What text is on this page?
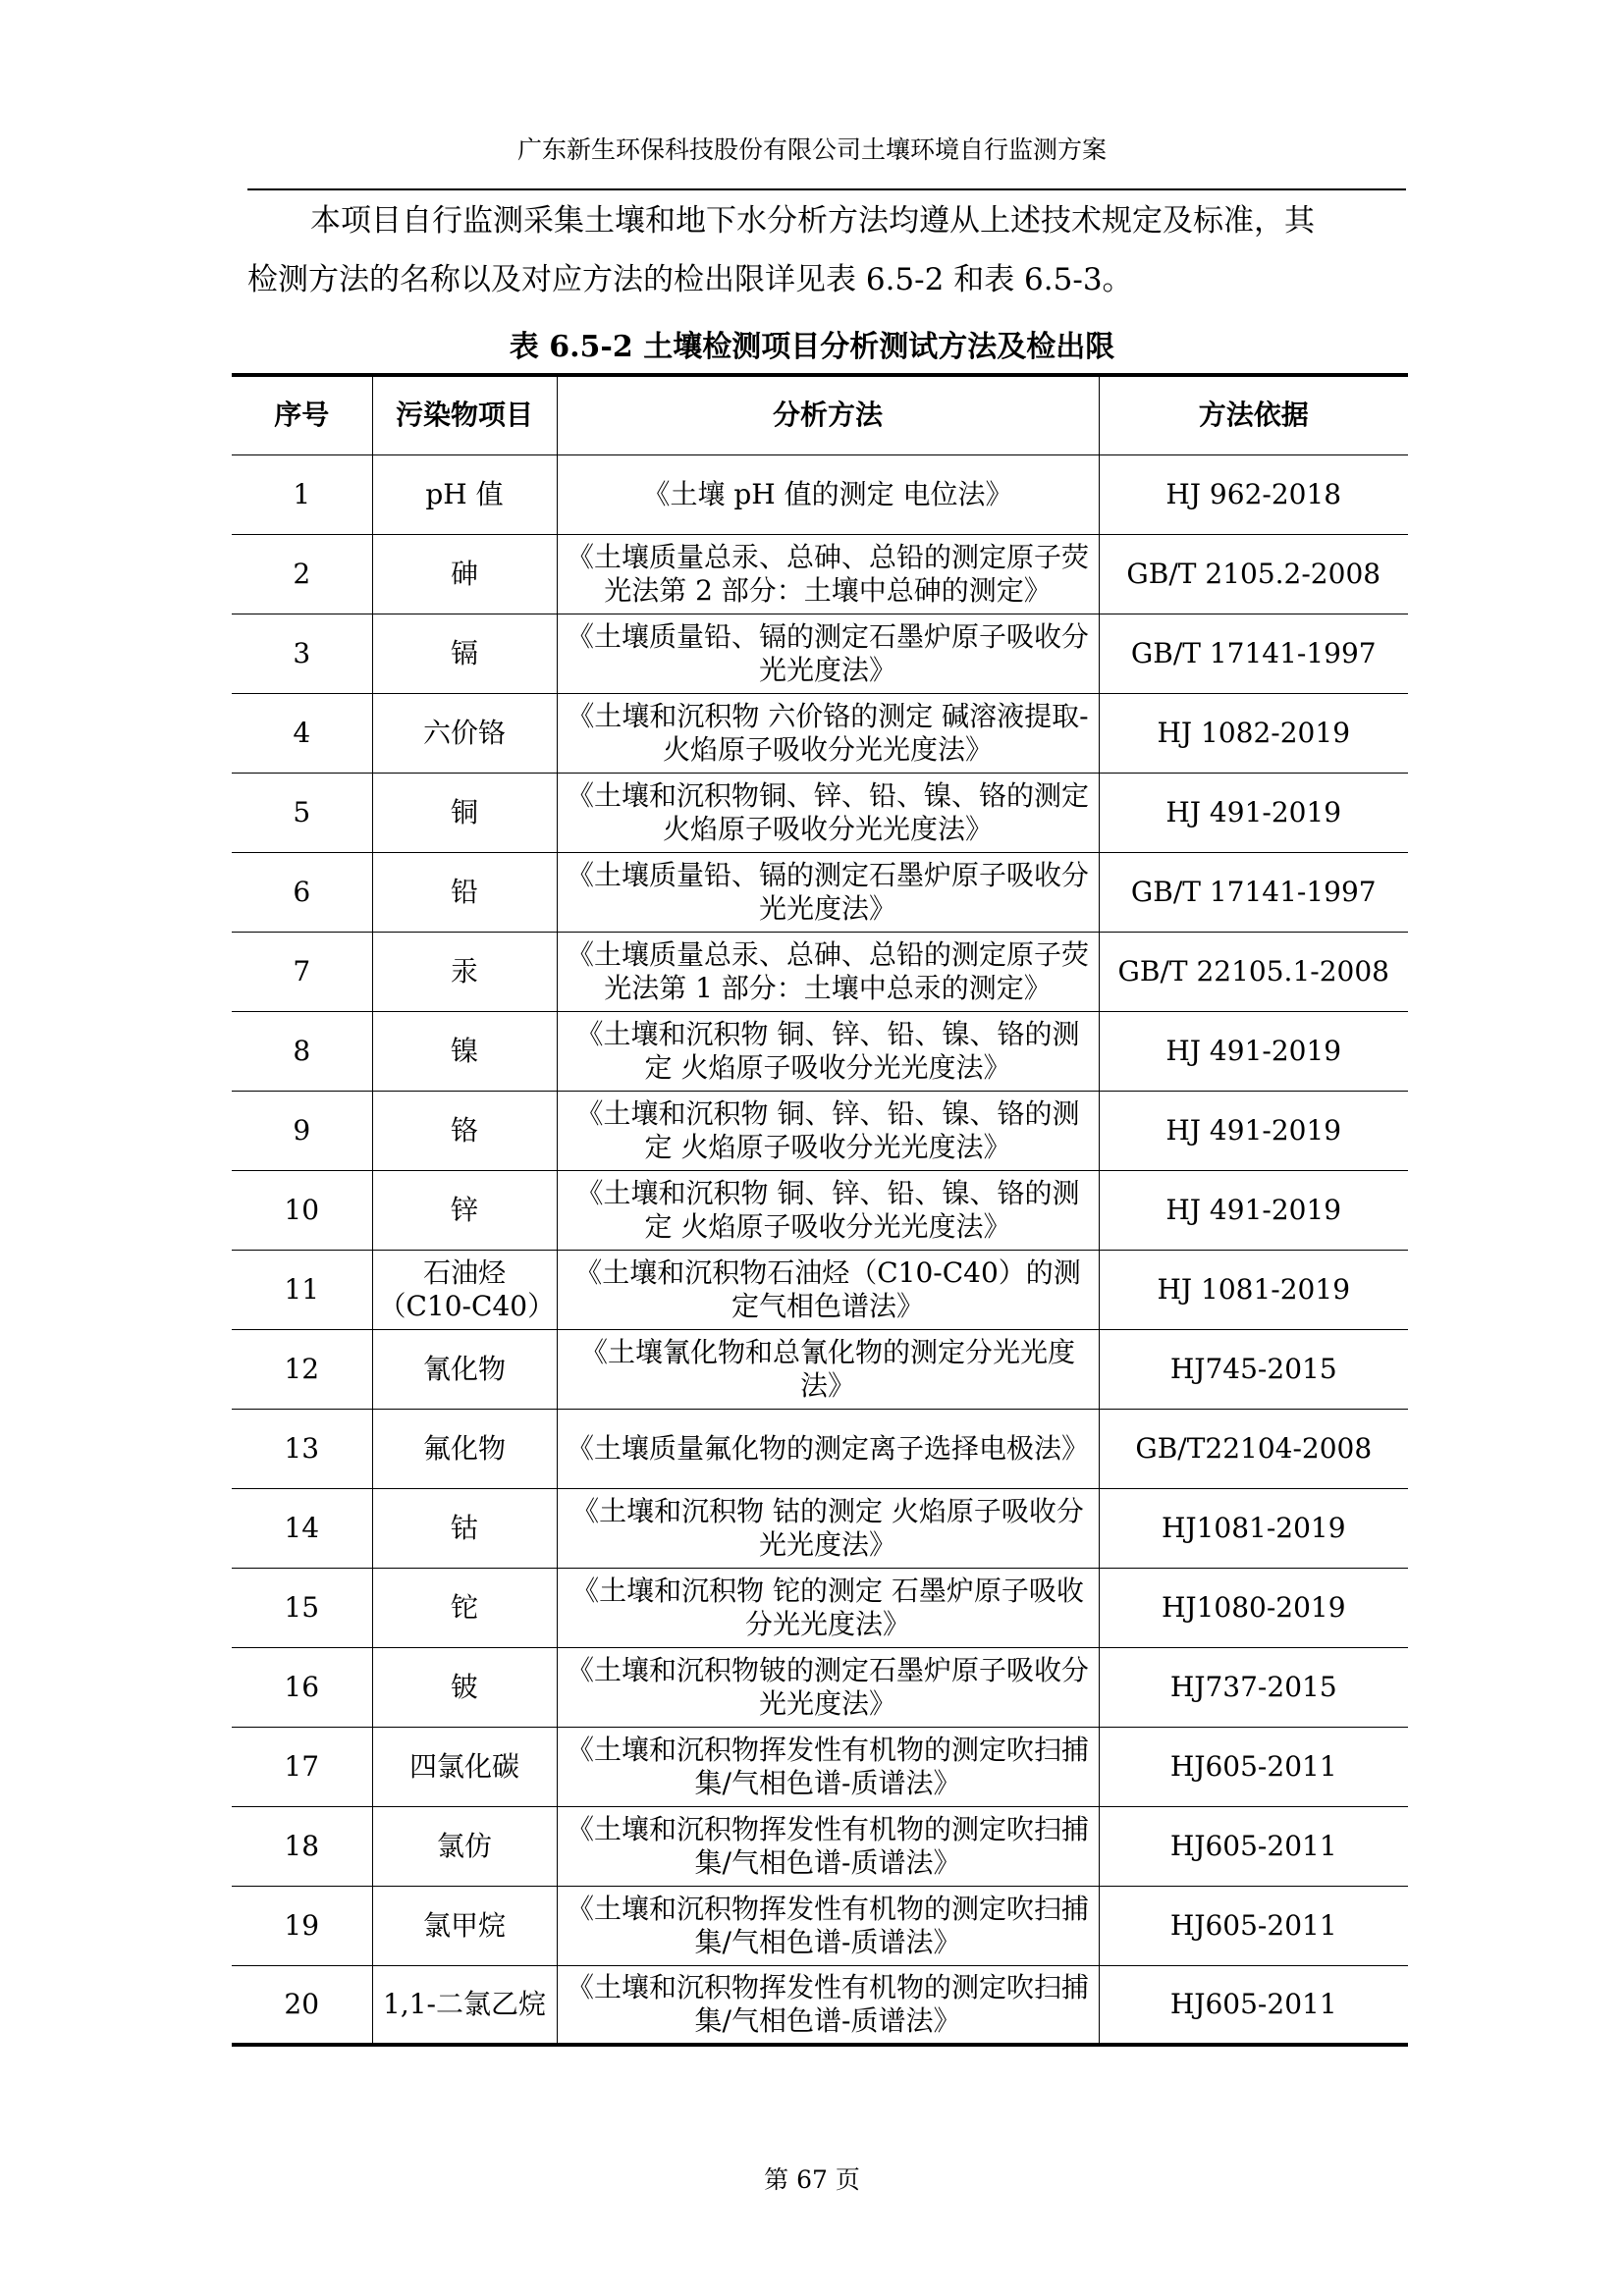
广东新生环保科技股份有限公司土壤环境自行监测方案
本项目自行监测采集土壤和地下水分析方法均遵从上述技术规定及标准，其
检测方法的名称以及对应方法的检出限详见表 6.5-2 和表 6.5-3。
表 6.5-2 土壤检测项目分析测试方法及检出限
序号	污染物项目	分析方法	方法依据
1	pH 值	《土壤 pH 值的测定 电位法》	HJ 962-2018
2	砷	《土壤质量总汞、总砷、总铅的测定原子荧光法第 2 部分：土壤中总砷的测定》	GB/T 2105.2-2008
3	镉	《土壤质量铅、镉的测定石墨炉原子吸收分光光度法》	GB/T 17141-1997
4	六价铬	《土壤和沉积物 六价铬的测定 碱溶液提取-火焰原子吸收分光光度法》	HJ 1082-2019
5	铜	《土壤和沉积物铜、锌、铅、镍、铬的测定火焰原子吸收分光光度法》	HJ 491-2019
6	铅	《土壤质量铅、镉的测定石墨炉原子吸收分光光度法》	GB/T 17141-1997
7	汞	《土壤质量总汞、总砷、总铅的测定原子荧光法第 1 部分：土壤中总汞的测定》	GB/T 22105.1-2008
8	镍	《土壤和沉积物 铜、锌、铅、镍、铬的测定 火焰原子吸收分光光度法》	HJ 491-2019
9	铬	《土壤和沉积物 铜、锌、铅、镍、铬的测定 火焰原子吸收分光光度法》	HJ 491-2019
10	锌	《土壤和沉积物 铜、锌、铅、镍、铬的测定 火焰原子吸收分光光度法》	HJ 491-2019
11	石油烃（C10-C40）	《土壤和沉积物石油烃（C10-C40）的测定气相色谱法》	HJ 1081-2019
12	氰化物	《土壤氰化物和总氰化物的测定分光光度法》	HJ745-2015
13	氟化物	《土壤质量氟化物的测定离子选择电极法》	GB/T22104-2008
14	钴	《土壤和沉积物 钴的测定 火焰原子吸收分光光度法》	HJ1081-2019
15	铊	《土壤和沉积物 铊的测定 石墨炉原子吸收分光光度法》	HJ1080-2019
16	铍	《土壤和沉积物铍的测定石墨炉原子吸收分光光度法》	HJ737-2015
17	四氯化碳	《土壤和沉积物挥发性有机物的测定吹扫捕集/气相色谱-质谱法》	HJ605-2011
18	氯仿	《土壤和沉积物挥发性有机物的测定吹扫捕集/气相色谱-质谱法》	HJ605-2011
19	氯甲烷	《土壤和沉积物挥发性有机物的测定吹扫捕集/气相色谱-质谱法》	HJ605-2011
20	1,1-二氯乙烷	《土壤和沉积物挥发性有机物的测定吹扫捕集/气相色谱-质谱法》	HJ605-2011
第 67 页
